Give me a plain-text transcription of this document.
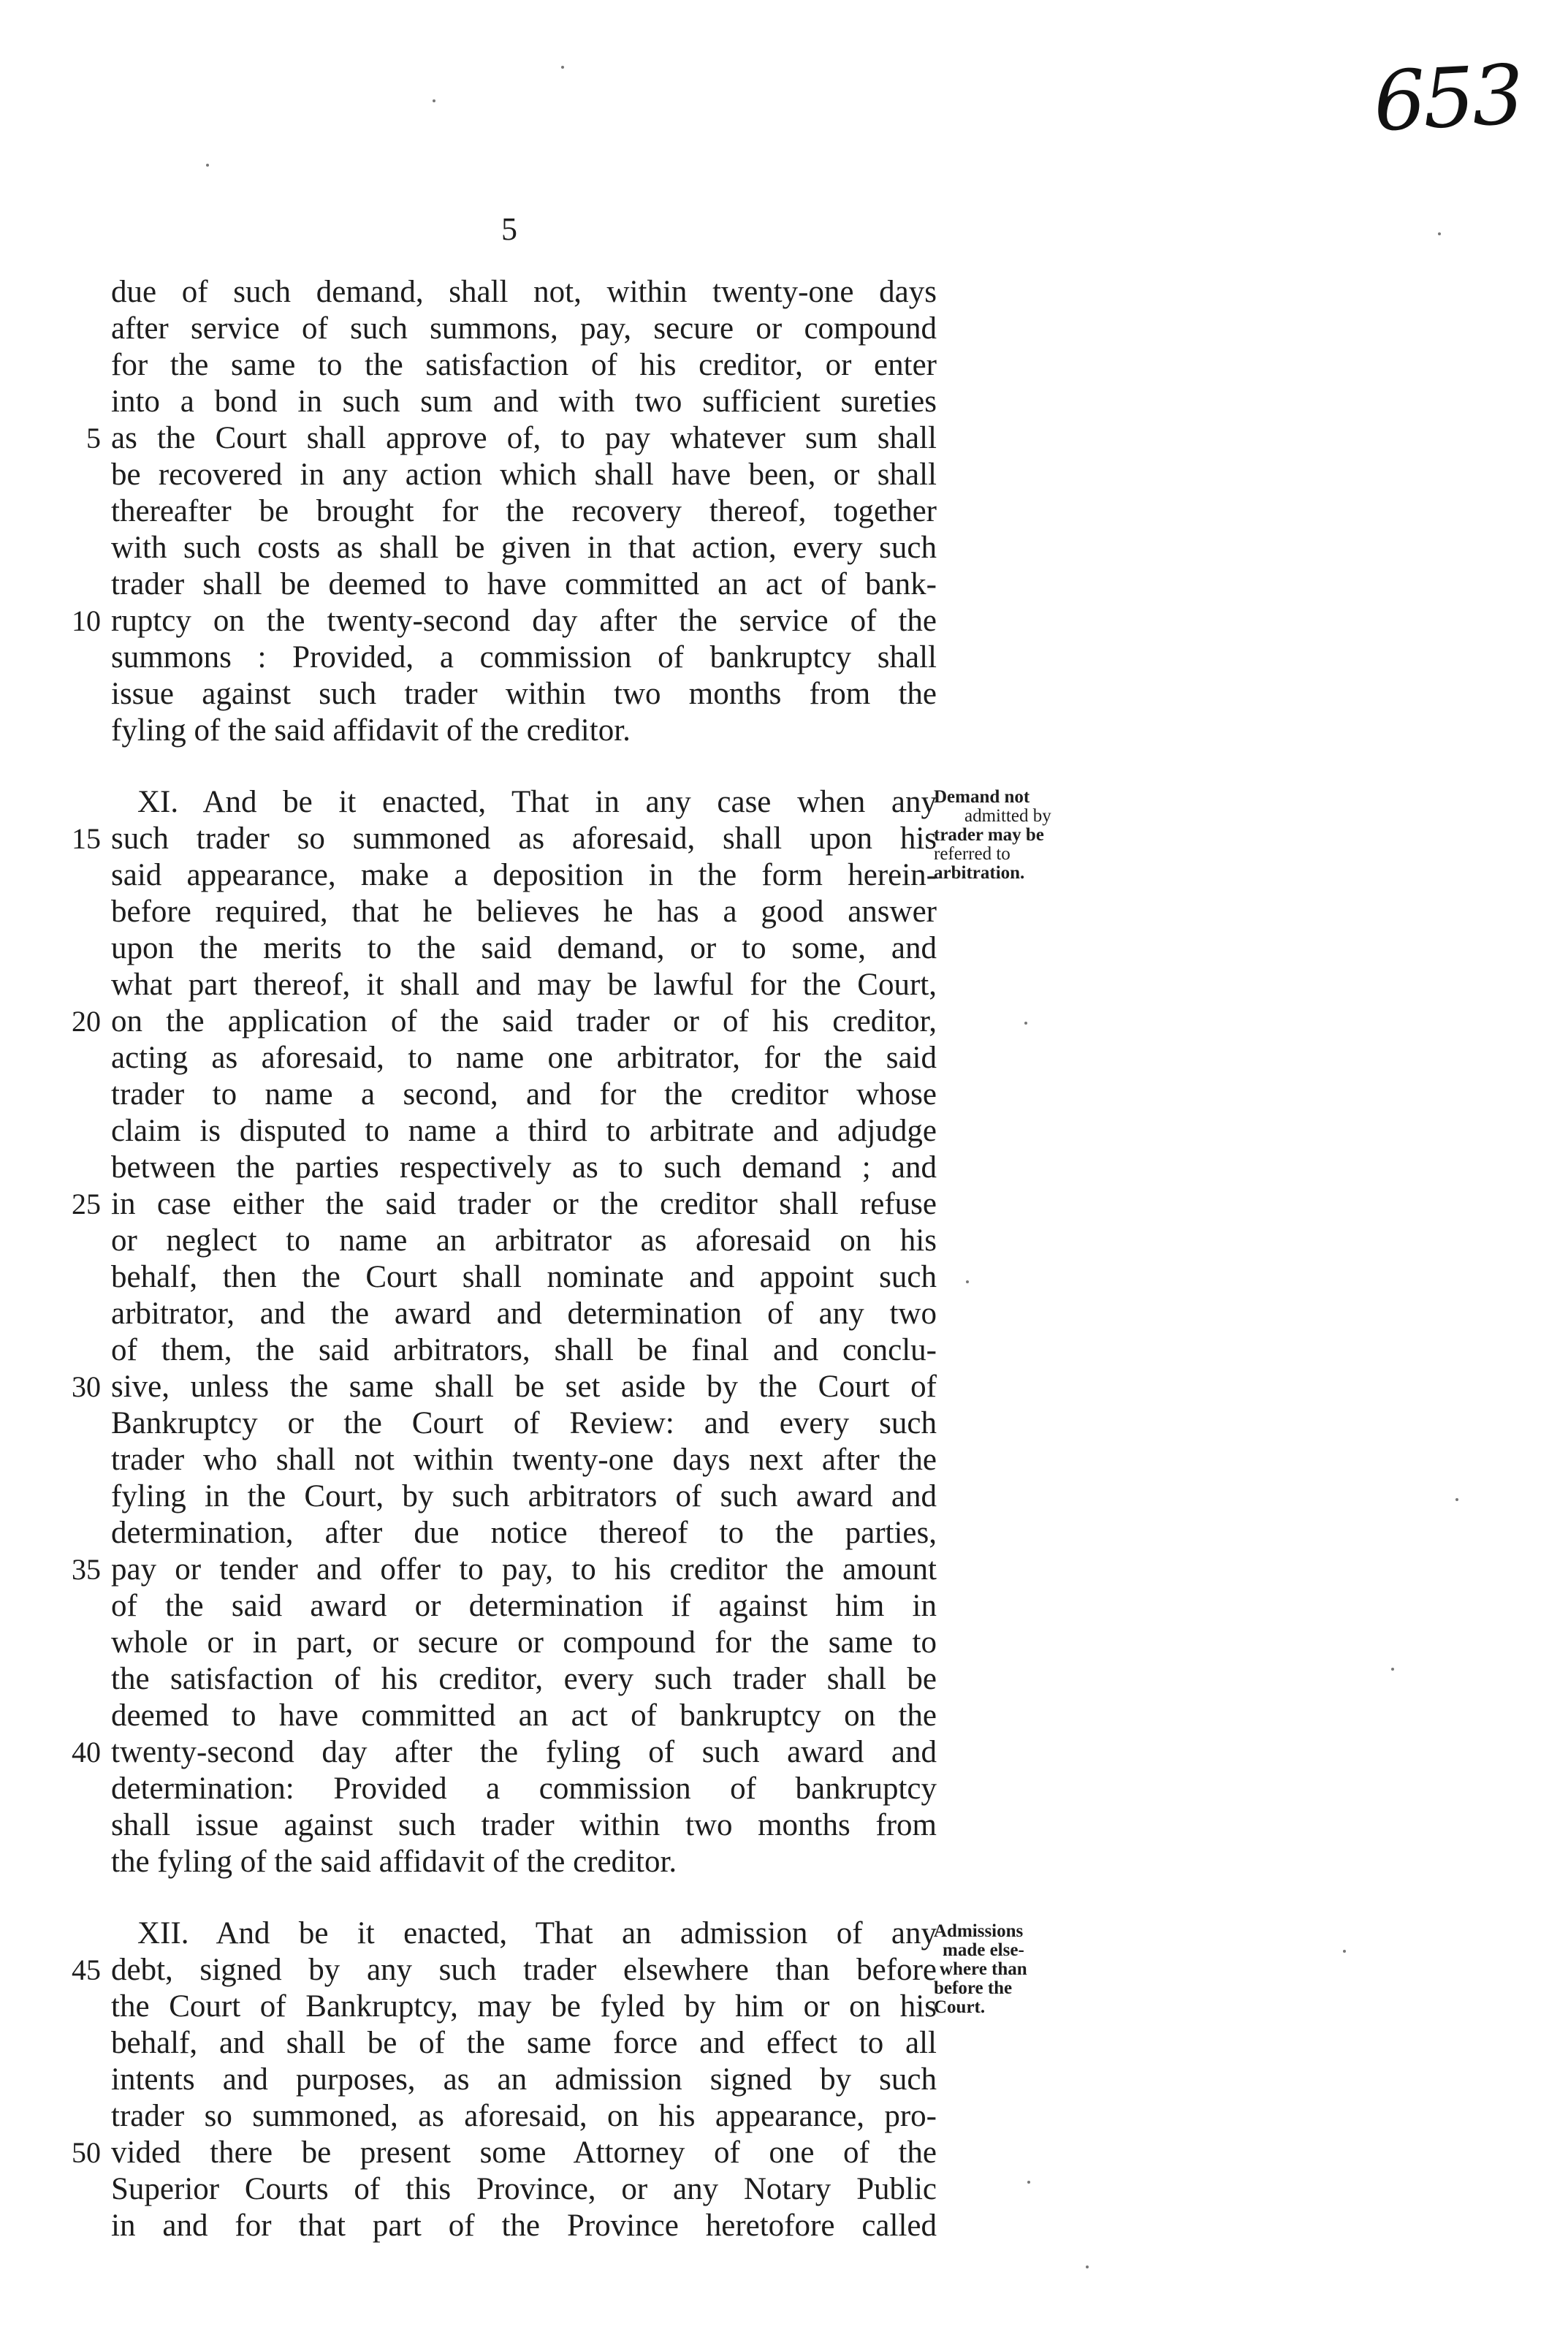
653
5
due of such demand, shall not, within twenty-one days
after service of such summons, pay, secure or compound
for the same to the satisfaction of his creditor, or enter
into a bond in such sum and with two sufficient sureties
as the Court shall approve of, to pay whatever sum shall
be recovered in any action which shall have been, or shall
thereafter be brought for the recovery thereof, together
with such costs as shall be given in that action, every such
trader shall be deemed to have committed an act of bank-
ruptcy on the twenty-second day after the service of the
summons : Provided, a commission of bankruptcy shall
issue against such trader within two months from the
fyling of the said affidavit of the creditor.
XI. And be it enacted, That in any case when any
such trader so summoned as aforesaid, shall upon his
said appearance, make a deposition in the form herein-
before required, that he believes he has a good answer
upon the merits to the said demand, or to some, and
what part thereof, it shall and may be lawful for the Court,
on the application of the said trader or of his creditor,
acting as aforesaid, to name one arbitrator, for the said
trader to name a second, and for the creditor whose
claim is disputed to name a third to arbitrate and adjudge
between the parties respectively as to such demand ; and
in case either the said trader or the creditor shall refuse
or neglect to name an arbitrator as aforesaid on his
behalf, then the Court shall nominate and appoint such
arbitrator, and the award and determination of any two
of them, the said arbitrators, shall be final and conclu-
sive, unless the same shall be set aside by the Court of
Bankruptcy or the Court of Review: and every such
trader who shall not within twenty-one days next after the
fyling in the Court, by such arbitrators of such award and
determination, after due notice thereof to the parties,
pay or tender and offer to pay, to his creditor the amount
of the said award or determination if against him in
whole or in part, or secure or compound for the same to
the satisfaction of his creditor, every such trader shall be
deemed to have committed an act of bankruptcy on the
twenty-second day after the fyling of such award and
determination: Provided a commission of bankruptcy
shall issue against such trader within two months from
the fyling of the said affidavit of the creditor.
XII. And be it enacted, That an admission of any
debt, signed by any such trader elsewhere than before
the Court of Bankruptcy, may be fyled by him or on his
behalf, and shall be of the same force and effect to all
intents and purposes, as an admission signed by such
trader so summoned, as aforesaid, on his appearance, pro-
vided there be present some Attorney of one of the
Superior Courts of this Province, or any Notary Public
in and for that part of the Province heretofore called
5
10
15
20
25
30
35
40
45
50
Demand not
admitted by
trader may be
referred to
arbitration.
Admissions
made else-
where than
before the
Court.
